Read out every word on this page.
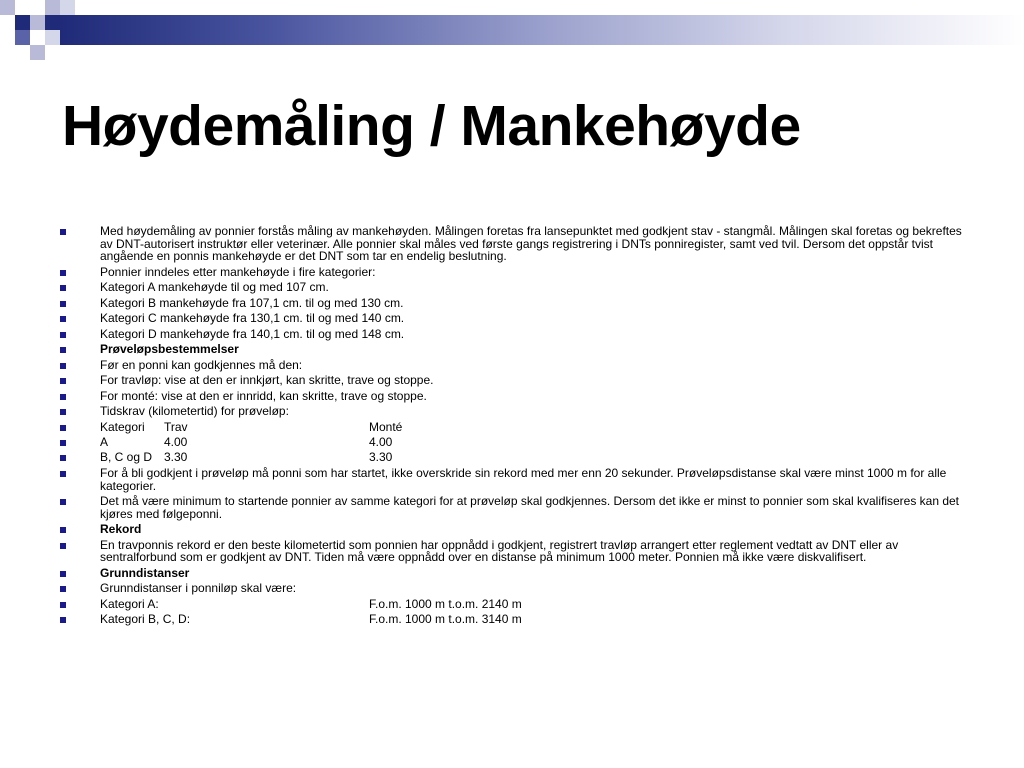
Høydemåling / Mankehøyde
Med høydemåling av ponnier forstås måling av mankehøyden. Målingen foretas fra lansepunktet med godkjent stav - stangmål. Målingen skal foretas og bekreftes av DNT-autorisert instruktør eller veterinær. Alle ponnier skal måles ved første gangs registrering i DNTs ponniregister, samt ved tvil. Dersom det oppstår tvist angående en ponnis mankehøyde er det DNT som tar en endelig beslutning.
Ponnier inndeles etter mankehøyde i fire kategorier:
Kategori A mankehøyde til og med 107 cm.
Kategori B mankehøyde fra 107,1 cm. til og med 130 cm.
Kategori C mankehøyde fra 130,1 cm. til og med 140 cm.
Kategori D mankehøyde fra 140,1 cm. til og med 148 cm.
Prøveløpsbestemmelser
Før en ponni kan godkjennes må den:
For travløp: vise at den er innkjørt, kan skritte, trave og stoppe.
For monté: vise at den er innridd, kan skritte, trave og stoppe.
Tidskrav (kilometertid) for prøveløp:
Kategori Trav	Monté
A	4.00	4.00
B, C og D 3.30	3.30
For å bli godkjent i prøveløp må ponni som har startet, ikke overskride sin rekord med mer enn 20 sekunder. Prøveløpsdistanse skal være minst 1000 m for alle kategorier.
Det må være minimum to startende ponnier av samme kategori for at prøveløp skal godkjennes. Dersom det ikke er minst to ponnier som skal kvalifiseres kan det kjøres med følgeponni.
Rekord
En travponnis rekord er den beste kilometertid som ponnien har oppnådd i godkjent, registrert travløp arrangert etter reglement vedtatt av DNT eller av sentralforbund som er godkjent av DNT. Tiden må være oppnådd over en distanse på minimum 1000 meter. Ponnien må ikke være diskvalifisert.
Grunndistanser
Grunndistanser i ponniløp skal være:
Kategori A:	F.o.m. 1000 m t.o.m. 2140 m
Kategori B, C, D:	F.o.m. 1000 m t.o.m. 3140 m
